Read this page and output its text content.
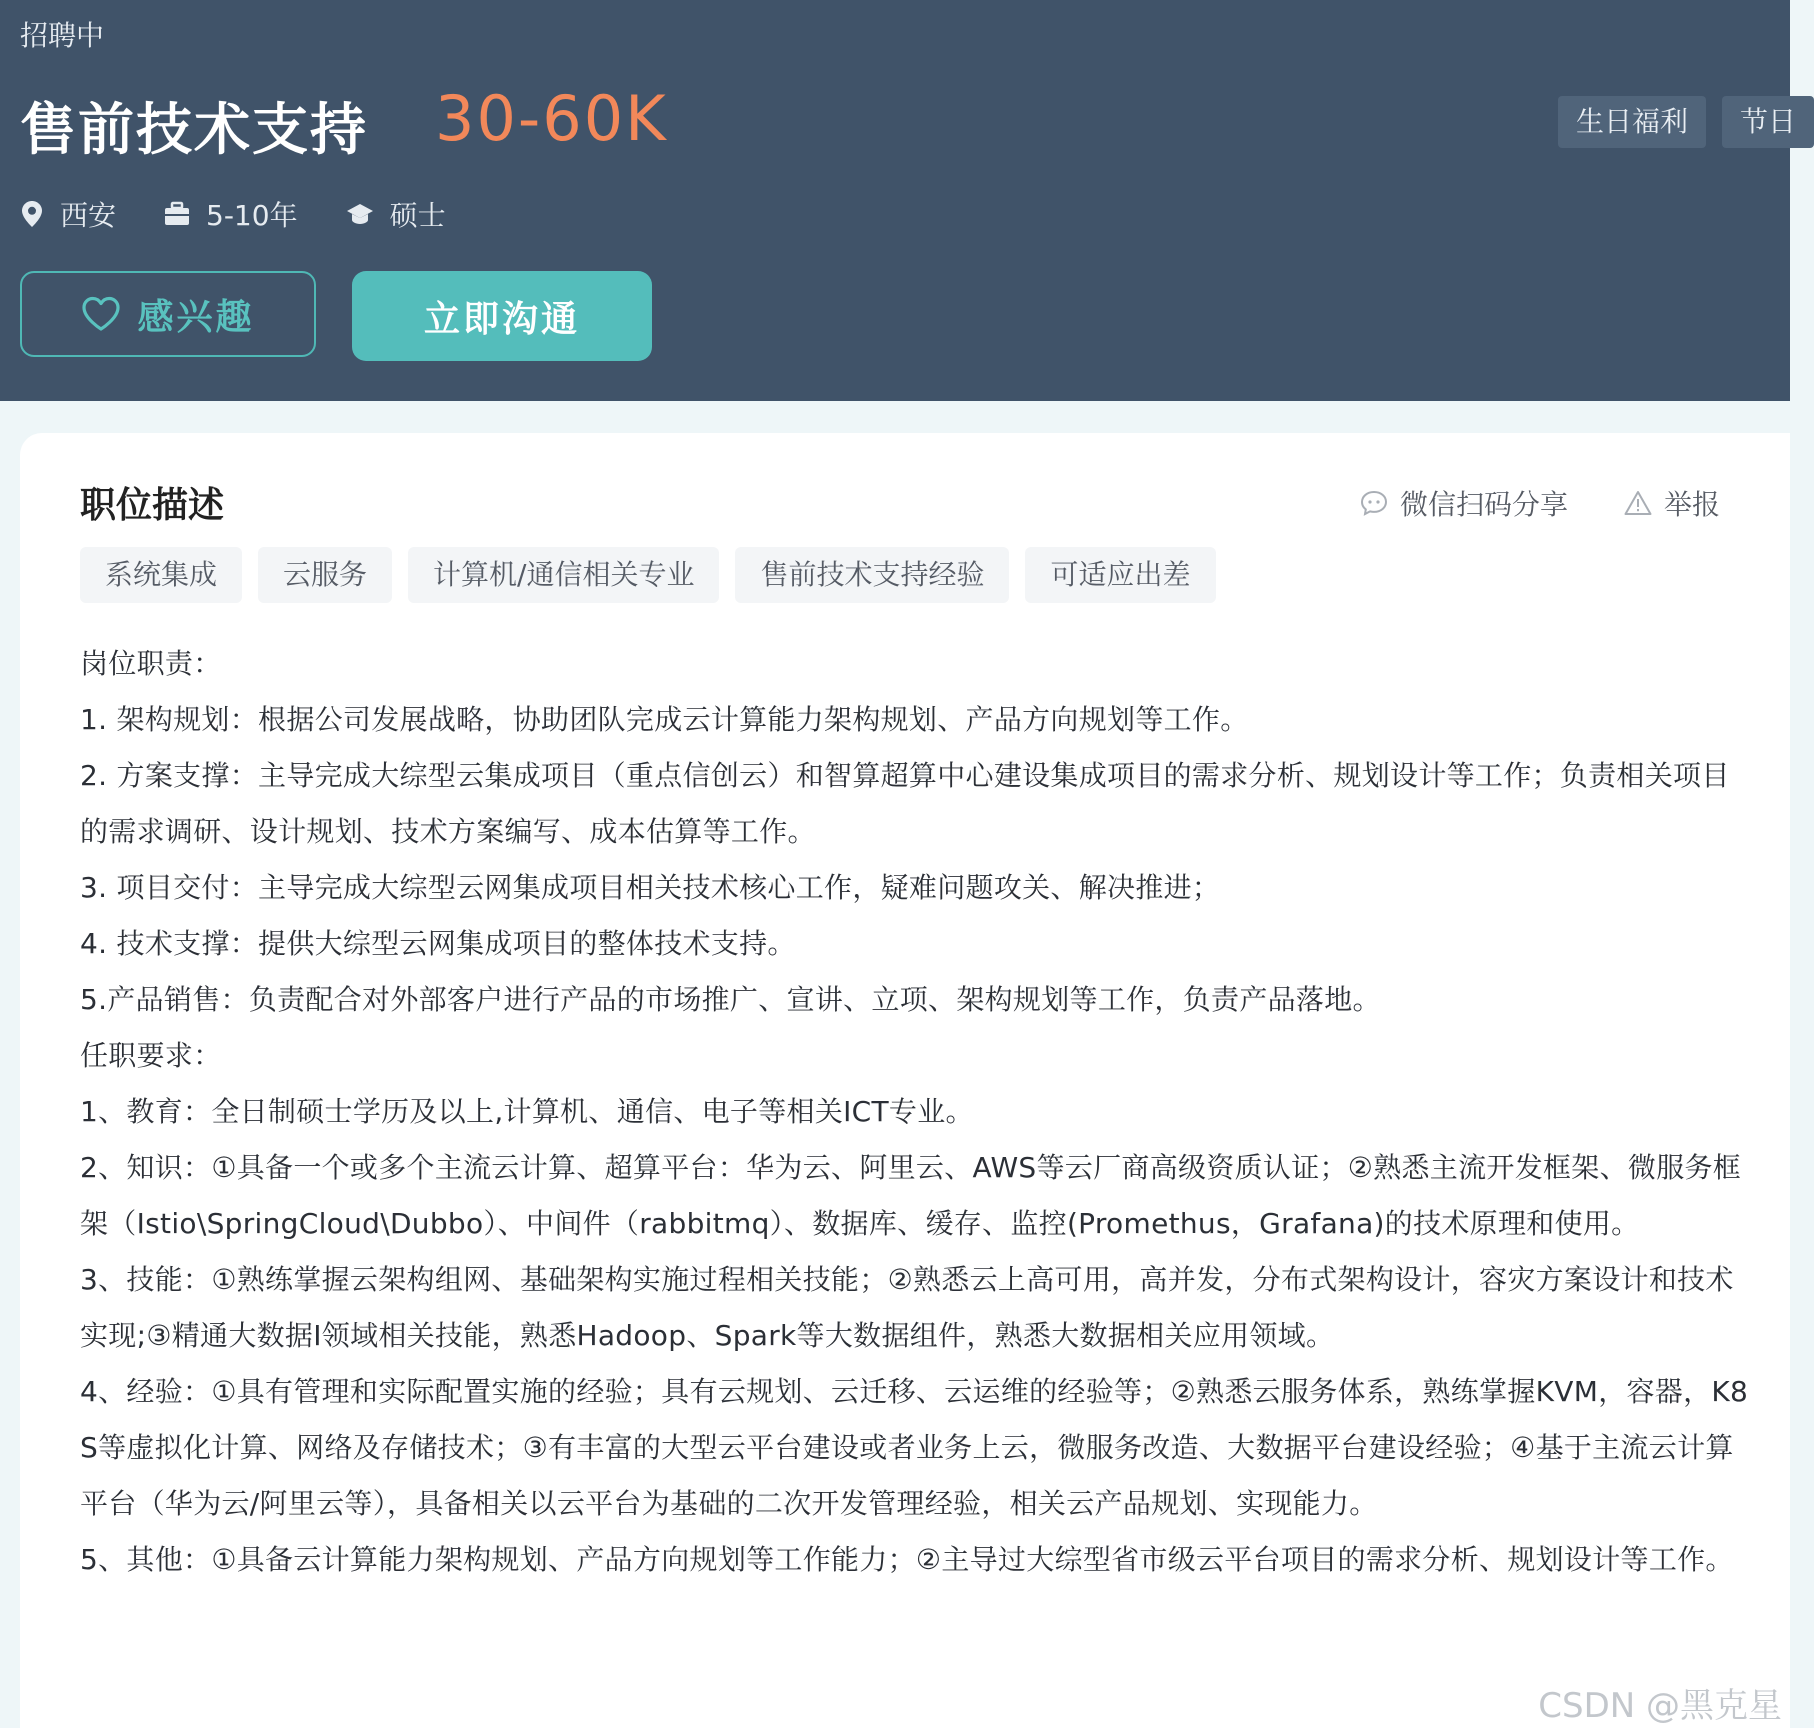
招聘中
售前技术支持 30-60K	生日福利	节日
西安	5-10年	硕士
感兴趣	立即沟通
职位描述	微信扫码分享	举报
系统集成	云服务	计算机/通信相关专业	售前技术支持经验	可适应出差

岗位职责：

1. 架构规划：根据公司发展战略，协助团队完成云计算能力架构规划、产品方向规划等工作。

2. 方案支撑：主导完成大综型云集成项目（重点信创云）和智算超算中心建设集成项目的需求分析、规划设计等工作；负责相关项目的需求调研、设计规划、技术方案编写、成本估算等工作。

3. 项目交付：主导完成大综型云网集成项目相关技术核心工作，疑难问题攻关、解决推进；

4. 技术支撑：提供大综型云网集成项目的整体技术支持。

5.产品销售：负责配合对外部客户进行产品的市场推广、宣讲、立项、架构规划等工作，负责产品落地。

任职要求：

1、教育：全日制硕士学历及以上,计算机、通信、电子等相关ICT专业。

2、知识：①具备一个或多个主流云计算、超算平台：华为云、阿里云、AWS等云厂商高级资质认证；②熟悉主流开发框架、微服务框架（Istio\SpringCloud\Dubbo）、中间件（rabbitmq）、数据库、缓存、监控(Promethus，Grafana)的技术原理和使用。

3、技能：①熟练掌握云架构组网、基础架构实施过程相关技能；②熟悉云上高可用，高并发，分布式架构设计，容灾方案设计和技术实现;③精通大数据I领域相关技能，熟悉Hadoop、Spark等大数据组件，熟悉大数据相关应用领域。

4、经验：①具有管理和实际配置实施的经验；具有云规划、云迁移、云运维的经验等；②熟悉云服务体系，熟练掌握KVM，容器，K8S等虚拟化计算、网络及存储技术；③有丰富的大型云平台建设或者业务上云，微服务改造、大数据平台建设经验；④基于主流云计算平台（华为云/阿里云等），具备相关以云平台为基础的二次开发管理经验，相关云产品规划、实现能力。

5、其他：①具备云计算能力架构规划、产品方向规划等工作能力；②主导过大综型省市级云平台项目的需求分析、规划设计等工作。

CSDN @黑克星
